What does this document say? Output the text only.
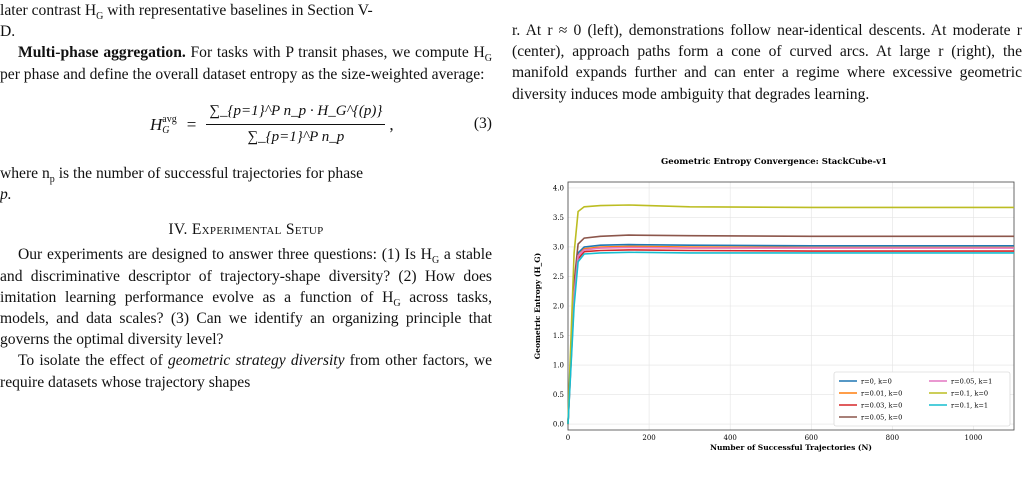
later contrast $H_G$ with representative baselines in Section V-
D.

Multi-phase aggregation. For tasks with P transit phases, we compute $H_G$ per phase and define the overall dataset entropy as the size-weighted average:

H avg
G	= $\frac{\text{∑\_\{p=1\}\textasciicircum{}P n\_p · H\_G\textasciicircum{}\{(p)\}}}{\text{∑\_\{p=1\}\textasciicircum{}P n\_p}}$ ,	(3)

where $n_p$ is the number of successful trajectories for phase
p.

IV. Experimental Setup

Our experiments are designed to answer three questions: (1) Is $H_G$ a stable and discriminative descriptor of trajectory-shape diversity? (2) How does imitation learning performance evolve as a function of $H_G$ across tasks, models, and data scales? (3) Can we identify an organizing principle that governs the optimal diversity level?

To isolate the effect of geometric strategy diversity from other factors, we require datasets whose trajectory shapes

r. At r ≈ 0 (left), demonstrations follow near-identical descents. At moderate r (center), approach paths form a cone of curved arcs. At large r (right), the manifold expands further and can enter a regime where excessive geometric diversity induces mode ambiguity that degrades learning.

Geometric Entropy Convergence: StackCube-v1
0	200	400	600	800	1000
0.0
0.5
1.0
1.5
2.0
2.5
3.0
3.5
4.0
Number of Successful Trajectories (N)
Geometric Entropy (H_G)
r=0, k=0
r=0.01, k=0
r=0.03, k=0
r=0.05, k=0
r=0.05, k=1
r=0.1, k=0
r=0.1, k=1
